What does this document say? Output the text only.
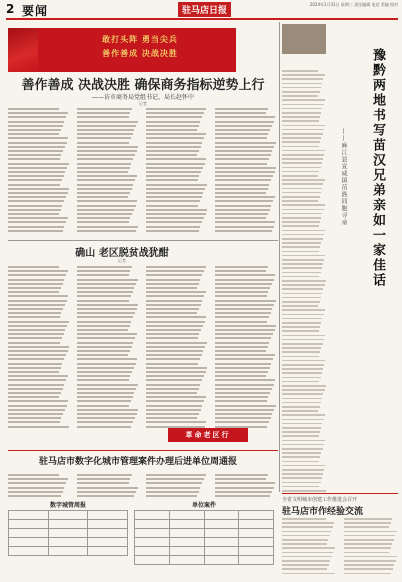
2 要闻	驻马店日报
2024年1月31日 星期三 责任编辑 电话 美编 校对
敢打头阵 勇当尖兵
善作善成 决战决胜
善作善成 决战决胜 确保商务指标逆势上行
——访市商务局党组书记、局长赵怀中
记者	豫黔两地书写苗汉兄弟亲如一家佳话
——麻江县宣威镇苗族同胞寻亲
确山 老区脱贫战犹酣
记者
革命老区行
驻马店市数字化城市管理案件办理后进单位周通报
数字城管周报

			单位案件

全省文明城市创建工作推进会召开
驻马店市作经验交流
